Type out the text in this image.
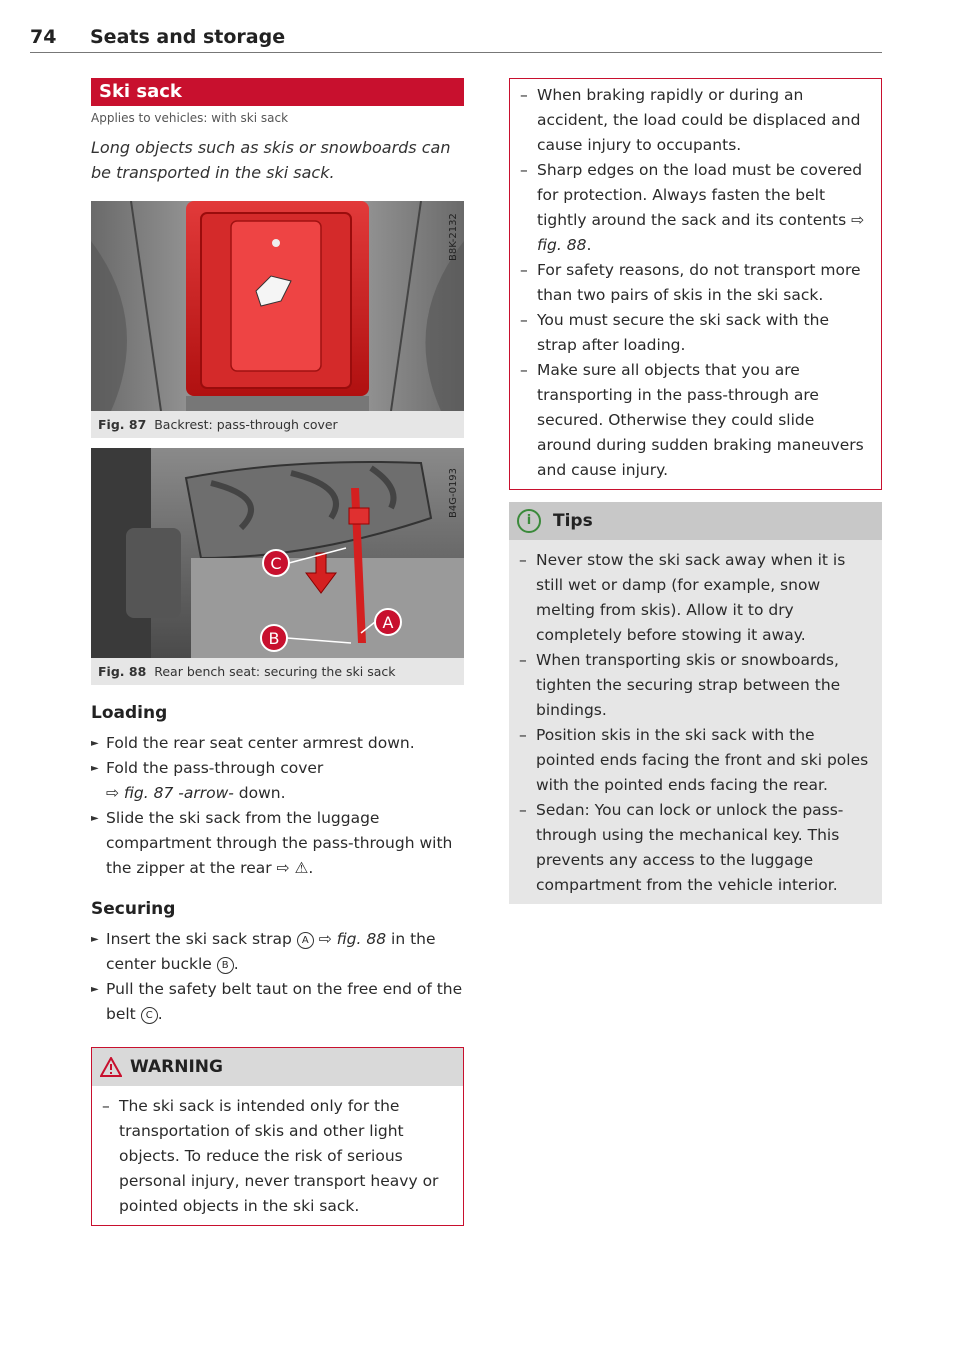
74 Seats and storage
Ski sack
Applies to vehicles: with ski sack
Long objects such as skis or snowboards can be transported in the ski sack.
B8K-2132
Fig. 87 Backrest: pass-through cover
C
A
B
B4G-0193
Fig. 88 Rear bench seat: securing the ski sack
Loading
► Fold the rear seat center armrest down.
► Fold the pass-through cover
⇨ fig. 87 -arrow- down.
► Slide the ski sack from the luggage compartment through the pass-through with the zipper at the rear ⇨ ⚠.
Securing
► Insert the ski sack strap A ⇨ fig. 88 in the center buckle B .
► Pull the safety belt taut on the free end of the belt C .
WARNING
– The ski sack is intended only for the transportation of skis and other light objects. To reduce the risk of serious personal injury, never transport heavy or pointed objects in the ski sack.
– When braking rapidly or during an accident, the load could be displaced and cause injury to occupants.
– Sharp edges on the load must be covered for protection. Always fasten the belt tightly around the sack and its contents ⇨ fig. 88.
– For safety reasons, do not transport more than two pairs of skis in the ski sack.
– You must secure the ski sack with the strap after loading.
– Make sure all objects that you are transporting in the pass-through are secured. Otherwise they could slide around during sudden braking maneuvers and cause injury.
i Tips
– Never stow the ski sack away when it is still wet or damp (for example, snow melting from skis). Allow it to dry completely before stowing it away.
– When transporting skis or snowboards, tighten the securing strap between the bindings.
– Position skis in the ski sack with the pointed ends facing the front and ski poles with the pointed ends facing the rear.
– Sedan: You can lock or unlock the pass-through using the mechanical key. This prevents any access to the luggage compartment from the vehicle interior.
